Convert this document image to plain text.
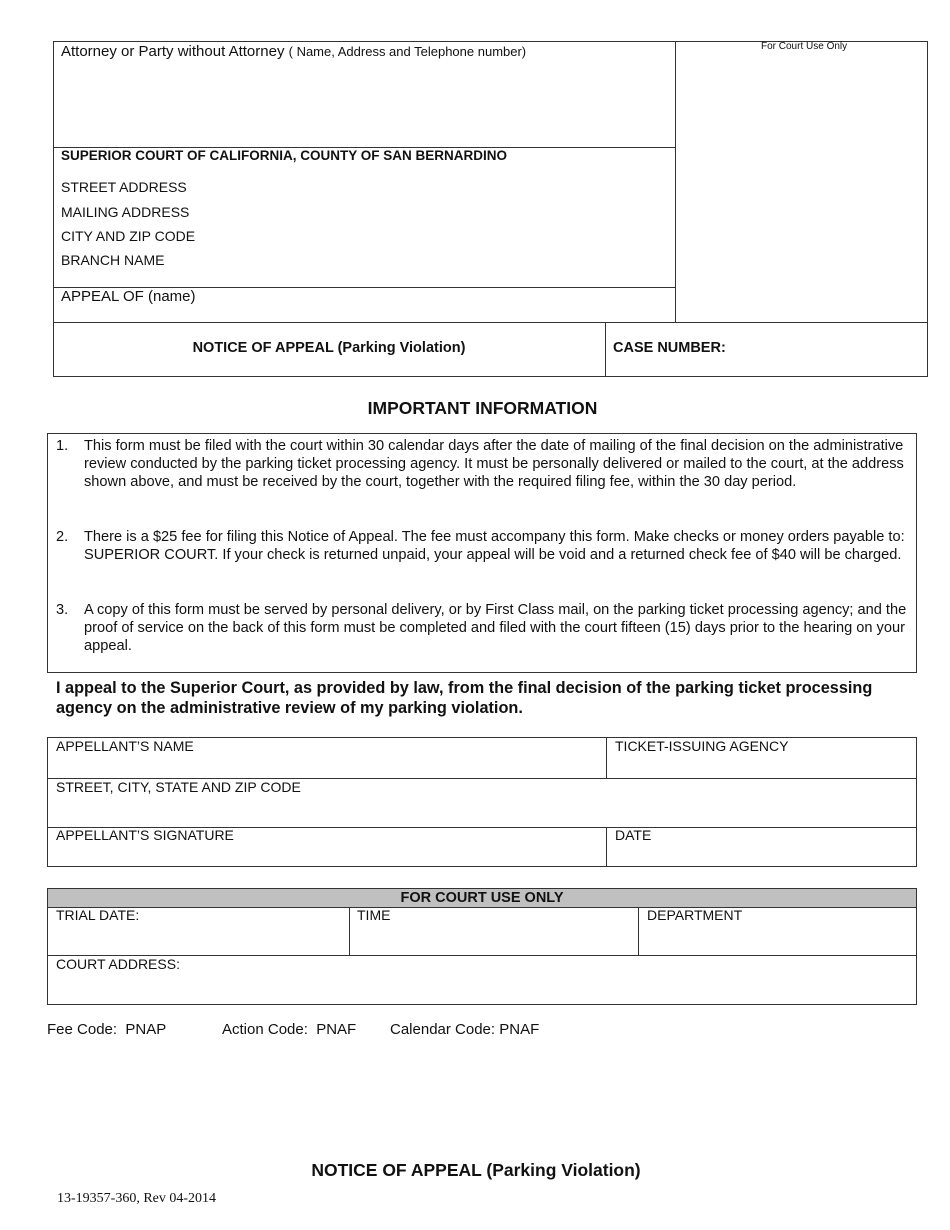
Attorney or Party without Attorney ( Name, Address and Telephone number)	For Court Use Only
SUPERIOR COURT OF CALIFORNIA, COUNTY OF SAN BERNARDINO
STREET ADDRESS
MAILING ADDRESS
CITY AND ZIP CODE
BRANCH NAME
APPEAL OF (name)
NOTICE OF APPEAL (Parking Violation)	CASE NUMBER:
IMPORTANT INFORMATION
1. This form must be filed with the court within 30 calendar days after the date of mailing of the final decision on the administrative review conducted by the parking ticket processing agency. It must be personally delivered or mailed to the court, at the address shown above, and must be received by the court, together with the required filing fee, within the 30 day period.
2. There is a $25 fee for filing this Notice of Appeal. The fee must accompany this form. Make checks or money orders payable to: SUPERIOR COURT. If your check is returned unpaid, your appeal will be void and a returned check fee of $40 will be charged.
3. A copy of this form must be served by personal delivery, or by First Class mail, on the parking ticket processing agency; and the proof of service on the back of this form must be completed and filed with the court fifteen (15) days prior to the hearing on your appeal.
I appeal to the Superior Court, as provided by law, from the final decision of the parking ticket processing agency on the administrative review of my parking violation.
APPELLANT’S NAME	TICKET-ISSUING AGENCY
STREET, CITY, STATE AND ZIP CODE
APPELLANT’S SIGNATURE	DATE
FOR COURT USE ONLY
TRIAL DATE:	TIME	DEPARTMENT
COURT ADDRESS:
Fee Code:  PNAP	Action Code:  PNAF Calendar Code: PNAF
NOTICE OF APPEAL (Parking Violation)
13-19357-360, Rev 04-2014
